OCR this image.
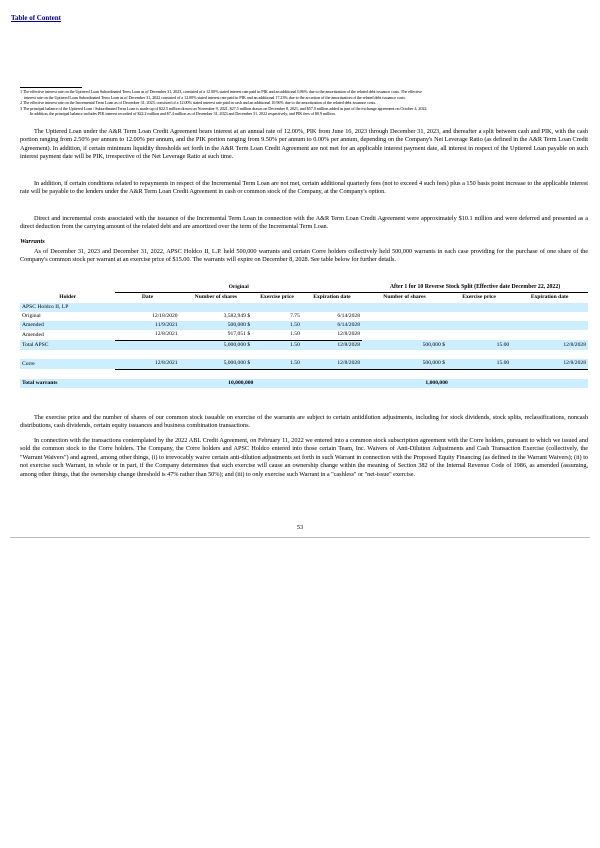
Table of Content

1 The effective interest rate on the Uptiered Loan Subordinated Term Loan as of December 31, 2023, consisted of a 12.00% stated interest rate paid in PIK and an additional 0.86% due to the amortization of the related debt issuance costs. The effective

interest rate on the Uptiered Loan Subordinated Term Loan as of December 31, 2022 consisted of a 12.00% stated interest rate paid in PIK and an additional 17.23% due to the accretion of the amortization of the related debt issuance costs.

2 The effective interest rate on the Incremental Term Loan as of December 31, 2023, consisted of a 12.00% stated interest rate paid in cash and an additional 10.96% due to the amortization of the related debt issuance costs.

3 The principal balance of the Uptiered Loan / Subordinated Term Loan is made up of $22.5 million drawn on November 9, 2021, $27.5 million drawn on December 8, 2021, and $57.0 million added as part of the exchange agreement on October 4, 2022.

In addition, the principal balance includes PIK interest recorded of $22.2 million and $7.4 million as of December 31, 2023 and December 31, 2022 respectively, and PIK fees of $0.9 million.

The Uptiered Loan under the A&R Term Loan Credit Agreement bears interest at an annual rate of 12.00%, PIK from June 16, 2023 through December 31, 2023, and thereafter a split between cash and PIK, with the cash portion ranging from 2.50% per annum to 12.00% per annum, and the PIK portion ranging from 9.50% per annum to 0.00% per annum, depending on the Company's Net Leverage Ratio (as defined in the A&R Term Loan Credit Agreement). In addition, if certain minimum liquidity thresholds set forth in the A&R Term Loan Credit Agreement are not met for an applicable interest payment date, all interest in respect of the Uptiered Loan payable on such interest payment date will be PIK, irrespective of the Net Leverage Ratio at such time.

In addition, if certain conditions related to repayments in respect of the Incremental Term Loan are not met, certain additional quarterly fees (not to exceed 4 such fees) plus a 150 basis point increase to the applicable interest rate will be payable to the lenders under the A&R Term Loan Credit Agreement in cash or common stock of the Company, at the Company's option.

Direct and incremental costs associated with the issuance of the Incremental Term Loan in connection with the A&R Term Loan Credit Agreement were approximately $10.1 million and were deferred and presented as a direct deduction from the carrying amount of the related debt and are amortized over the term of the Incremental Term Loan.

Warrants

As of December 31, 2023 and December 31, 2022, APSC Holdco II, L.P. held 500,000 warrants and certain Corre holders collectively held 500,000 warrants in each case providing for the purchase of one share of the Company's common stock per warrant at an exercise price of $15.00. The warrants will expire on December 8, 2028. See table below for further details.

	Original				After 1 for 10 Reverse Stock Split (Effective date December 22, 2022)		
Holder	Date	Number of shares	Exercise price	Expiration date	Number of shares	Exercise price	Expiration date
APSC Holdco II, LP							
Original	12/18/2020	3,582,949 $	7.75	6/14/2028			
Amended	11/9/2021	500,000 $	1.50	6/14/2028			
Amended	12/8/2021	917,051 $	1.50	12/8/2028			
Total APSC		5,000,000 $	1.50	12/8/2028	500,000 $	15.00	12/8/2028

Corre	12/8/2021	5,000,000 $	1.50	12/8/2028	500,000 $	15.00	12/8/2028

Total warrants		10,000,000			1,000,000		

The exercise price and the number of shares of our common stock issuable on exercise of the warrants are subject to certain antidilution adjustments, including for stock dividends, stock splits, reclassifications, noncash distributions, cash dividends, certain equity issuances and business combination transactions.

In connection with the transactions contemplated by the 2022 ABL Credit Agreement, on February 11, 2022 we entered into a common stock subscription agreement with the Corre holders, pursuant to which we issued and sold the common stock to the Corre holders. The Company, the Corre holders and APSC Holdco entered into those certain Team, Inc. Waivers of Anti-Dilution Adjustments and Cash Transaction Exercise (collectively, the "Warrant Waivers") and agreed, among other things, (i) to irrevocably waive certain anti-dilution adjustments set forth in such Warrant in connection with the Proposed Equity Financing (as defined in the Warrant Waivers); (ii) to not exercise such Warrant, in whole or in part, if the Company determines that such exercise will cause an ownership change within the meaning of Section 382 of the Internal Revenue Code of 1986, as amended (assuming, among other things, that the ownership change threshold is 47% rather than 50%); and (iii) to only exercise such Warrant in a "cashless" or "net-issue" exercise.

53
